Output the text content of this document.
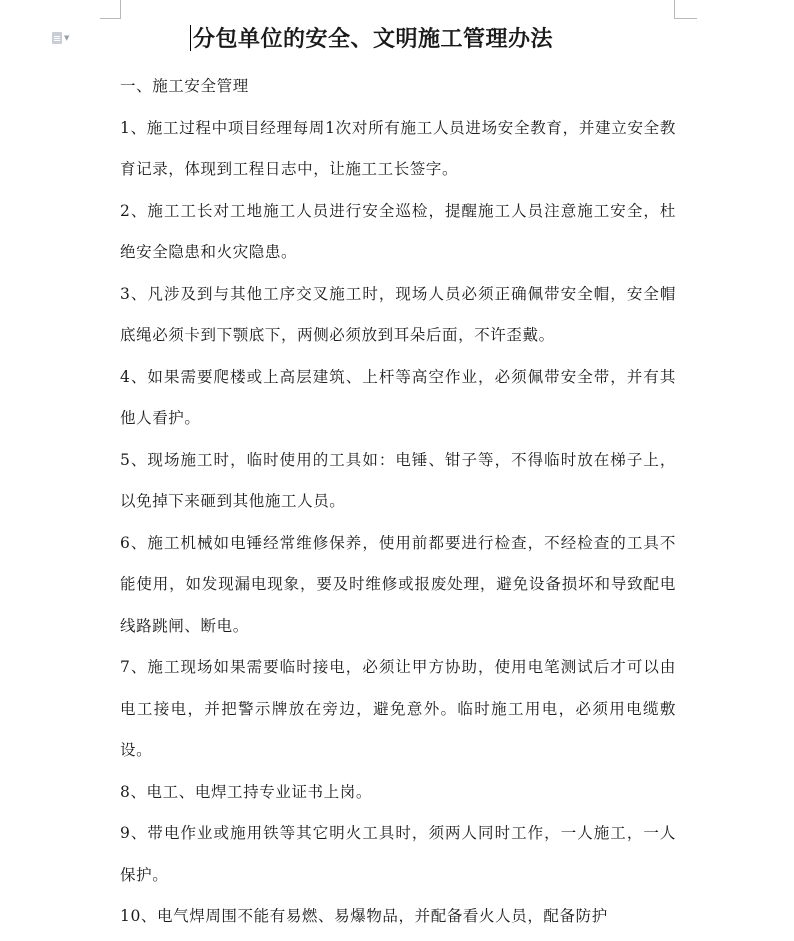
▼	分包单位的安全、文明施工管理办法

一、施工安全管理

1、施工过程中项目经理每周1次对所有施工人员进场安全教育，并建立安全教育记录，体现到工程日志中，让施工工长签字。

2、施工工长对工地施工人员进行安全巡检，提醒施工人员注意施工安全，杜绝安全隐患和火灾隐患。

3、凡涉及到与其他工序交叉施工时，现场人员必须正确佩带安全帽，安全帽底绳必须卡到下颚底下，两侧必须放到耳朵后面，不许歪戴。

4、如果需要爬楼或上高层建筑、上杆等高空作业，必须佩带安全带，并有其他人看护。

5、现场施工时，临时使用的工具如：电锤、钳子等，不得临时放在梯子上，以免掉下来砸到其他施工人员。

6、施工机械如电锤经常维修保养，使用前都要进行检查，不经检查的工具不能使用，如发现漏电现象，要及时维修或报废处理，避免设备损坏和导致配电线路跳闸、断电。

7、施工现场如果需要临时接电，必须让甲方协助，使用电笔测试后才可以由电工接电，并把警示牌放在旁边，避免意外。临时施工用电，必须用电缆敷设。

8、电工、电焊工持专业证书上岗。

9、带电作业或施用铁等其它明火工具时，须两人同时工作，一人施工，一人保护。

10、电气焊周围不能有易燃、易爆物品，并配备看火人员，配备防护
